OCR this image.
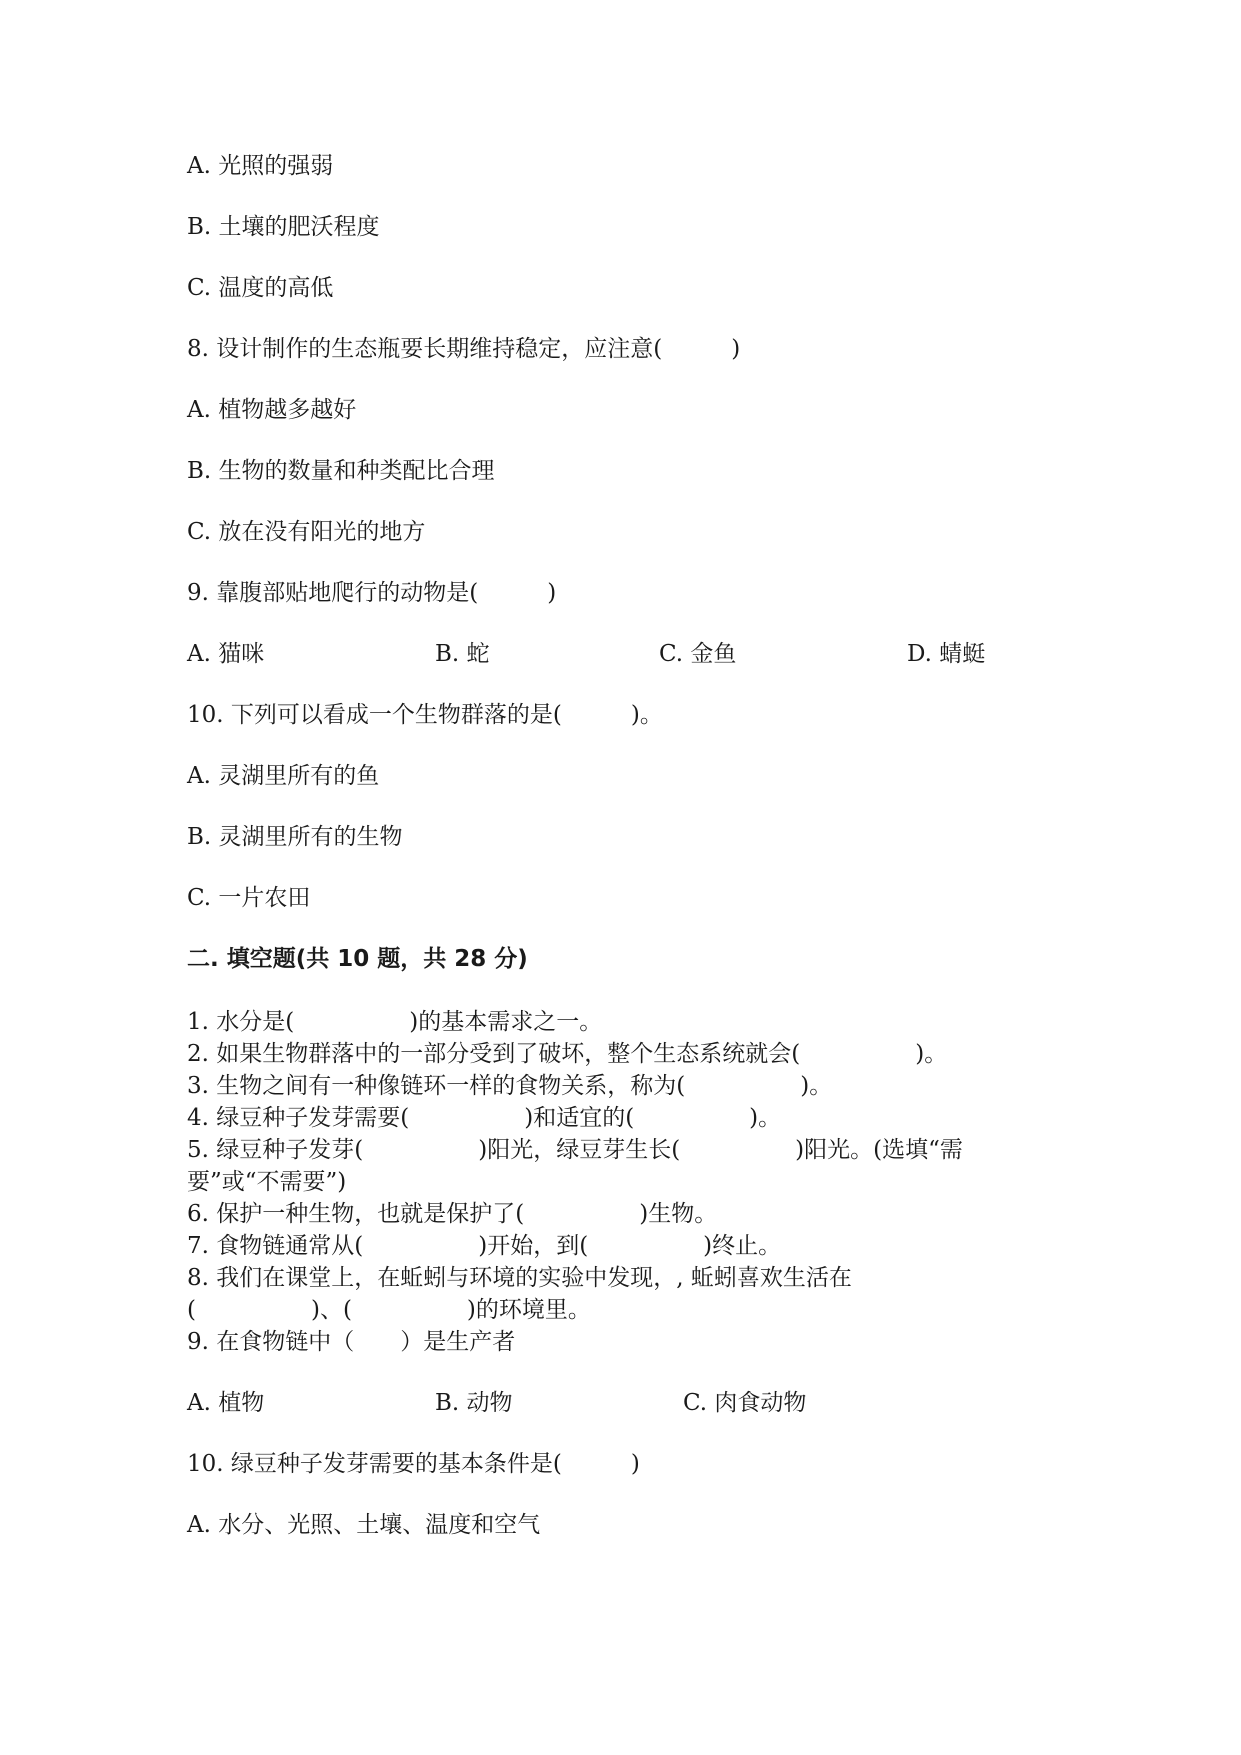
A. 光照的强弱
B. 土壤的肥沃程度
C. 温度的高低
8. 设计制作的生态瓶要长期维持稳定，应注意(　　　)
A. 植物越多越好
B. 生物的数量和种类配比合理
C. 放在没有阳光的地方
9. 靠腹部贴地爬行的动物是(　　　)
A. 猫咪	B. 蛇	C. 金鱼	D. 蜻蜓
10. 下列可以看成一个生物群落的是(　　　)。
A. 灵湖里所有的鱼
B. 灵湖里所有的生物
C. 一片农田
二. 填空题(共 10 题，共 28 分)
1. 水分是(　　　　　)的基本需求之一。
2. 如果生物群落中的一部分受到了破坏，整个生态系统就会(　　　　　)。
3. 生物之间有一种像链环一样的食物关系，称为(　　　　　)。
4. 绿豆种子发芽需要(　　　　　)和适宜的(　　　　　)。
5. 绿豆种子发芽(　　　　　)阳光，绿豆芽生长(　　　　　)阳光。(选填“需
要”或“不需要”)
6. 保护一种生物，也就是保护了(　　　　　)生物。
7. 食物链通常从(　　　　　)开始，到(　　　　　)终止。
8. 我们在课堂上，在蚯蚓与环境的实验中发现，, 蚯蚓喜欢生活在
(　　　　　)、(　　　　　)的环境里。
9. 在食物链中（　　）是生产者
A. 植物	B. 动物	C. 肉食动物
10. 绿豆种子发芽需要的基本条件是(　　　)
A. 水分、光照、土壤、温度和空气
